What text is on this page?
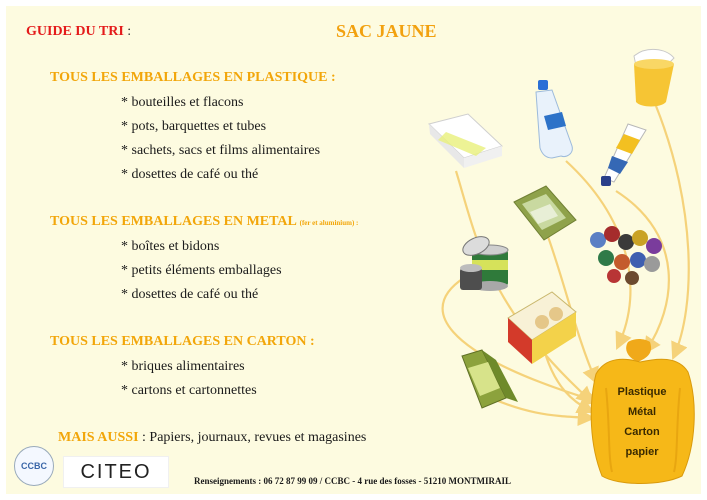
GUIDE DU TRI :	SAC JAUNE
TOUS LES EMBALLAGES EN PLASTIQUE :
* bouteilles et flacons
* pots, barquettes et tubes
* sachets, sacs et films alimentaires
* dosettes de café ou thé
TOUS LES EMBALLAGES EN METAL (fer et aluminium) :
* boîtes et bidons
* petits éléments emballages
* dosettes de café ou thé
TOUS LES EMBALLAGES EN CARTON :
* briques alimentaires
* cartons et cartonnettes
MAIS AUSSI : Papiers, journaux, revues et magasines
Plastique
Métal
Carton
papier
CCBC	CITEO	Renseignements : 06 72 87 99 09 / CCBC - 4 rue des fosses - 51210 MONTMIRAIL
